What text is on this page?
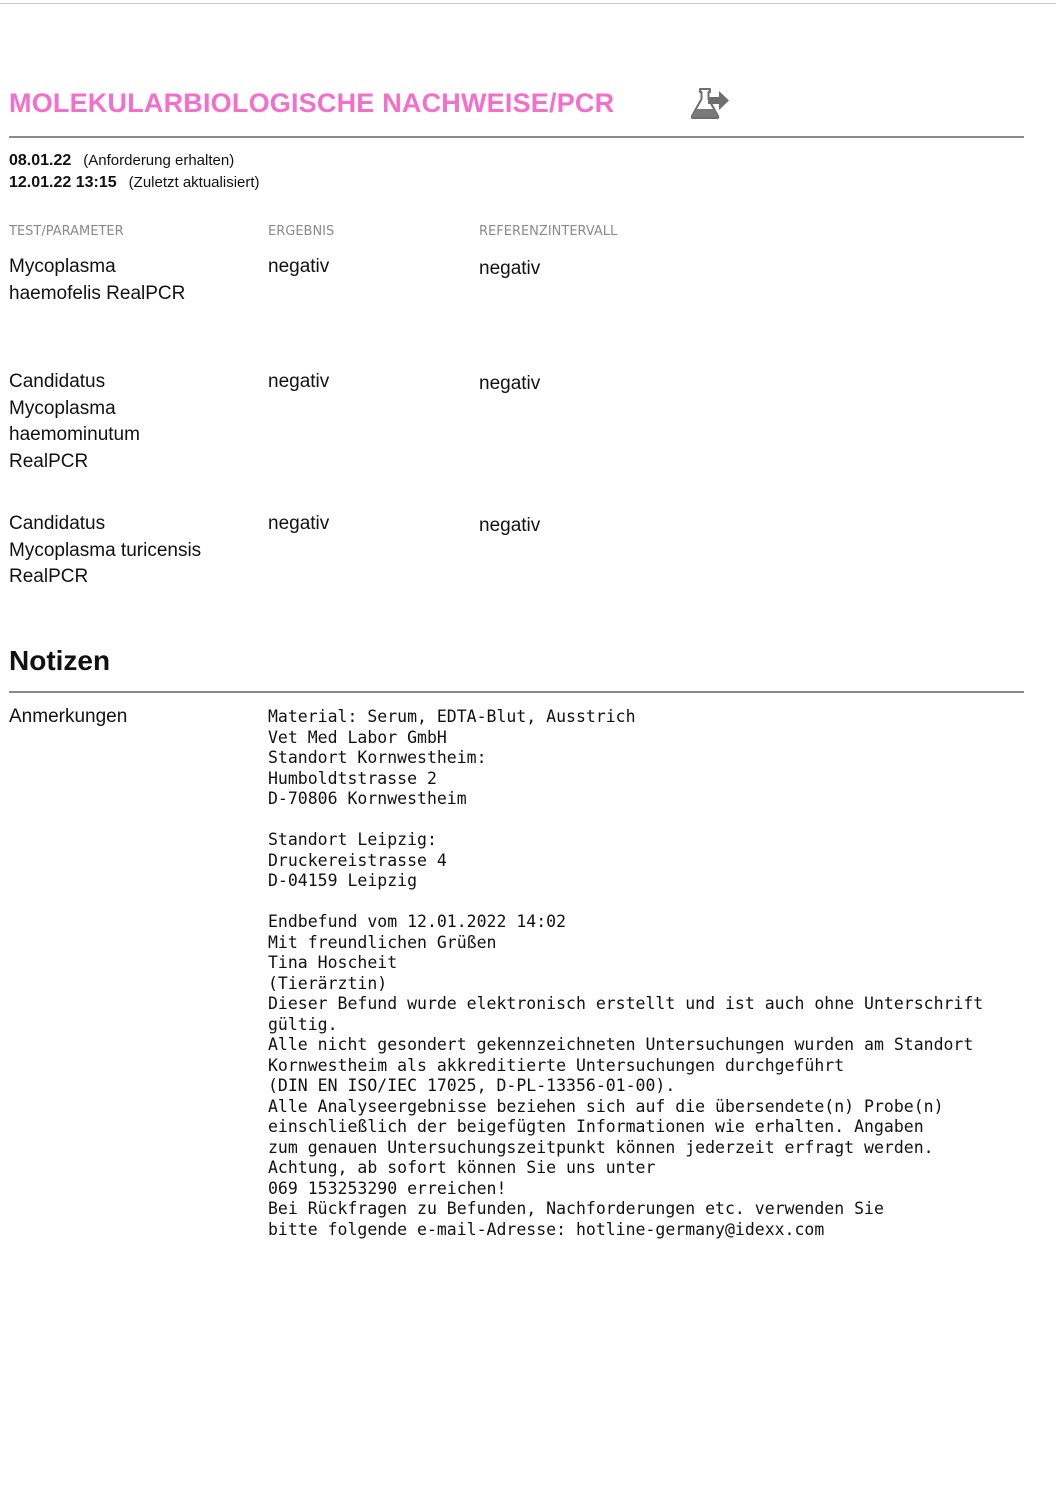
MOLEKULARBIOLOGISCHE NACHWEISE/PCR
08.01.22 (Anforderung erhalten)
12.01.22 13:15 (Zuletzt aktualisiert)
TEST/PARAMETER	ERGEBNIS	REFERENZINTERVALL
Mycoplasma haemofelis RealPCR
negativ	negativ
Candidatus Mycoplasma haemominutum RealPCR
negativ	negativ
Candidatus Mycoplasma turicensis RealPCR
negativ	negativ
Notizen
Anmerkungen	Material: Serum, EDTA-Blut, Ausstrich
Vet Med Labor GmbH
Standort Kornwestheim:
Humboldtstrasse 2
D-70806 Kornwestheim

Standort Leipzig:
Druckereistrasse 4
D-04159 Leipzig

Endbefund vom 12.01.2022 14:02
Mit freundlichen Grüßen
Tina Hoscheit
(Tierärztin)
Dieser Befund wurde elektronisch erstellt und ist auch ohne Unterschrift
gültig.
Alle nicht gesondert gekennzeichneten Untersuchungen wurden am Standort
Kornwestheim als akkreditierte Untersuchungen durchgeführt
(DIN EN ISO/IEC 17025, D-PL-13356-01-00).
Alle Analyseergebnisse beziehen sich auf die übersendete(n) Probe(n)
einschließlich der beigefügten Informationen wie erhalten. Angaben
zum genauen Untersuchungszeitpunkt können jederzeit erfragt werden.
Achtung, ab sofort können Sie uns unter
069 153253290 erreichen!
Bei Rückfragen zu Befunden, Nachforderungen etc. verwenden Sie
bitte folgende e-mail-Adresse: hotline-germany@idexx.com
